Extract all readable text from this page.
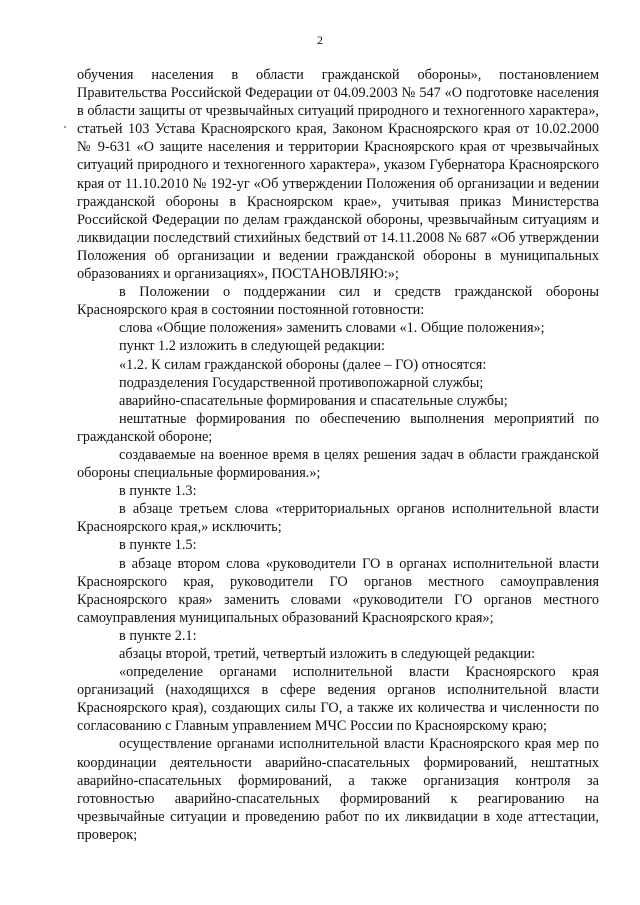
2

обучения населения в области гражданской обороны», постановлением Правительства Российской Федерации от 04.09.2003 № 547 «О подготовке населения в области защиты от чрезвычайных ситуаций природного и техногенного характера», статьей 103 Устава Красноярского края, Законом Красноярского края от 10.02.2000 № 9-631 «О защите населения и территории Красноярского края от чрезвычайных ситуаций природного и техногенного характера», указом Губернатора Красноярского края от 11.10.2010 № 192-уг «Об утверждении Положения об организации и ведении гражданской обороны в Красноярском крае», учитывая приказ Министерства Российской Федерации по делам гражданской обороны, чрезвычайным ситуациям и ликвидации последствий стихийных бедствий от 14.11.2008 № 687 «Об утверждении Положения об организации и ведении гражданской обороны в муниципальных образованиях и организациях», ПОСТАНОВЛЯЮ:»;

в Положении о поддержании сил и средств гражданской обороны Красноярского края в состоянии постоянной готовности:

слова «Общие положения» заменить словами «1. Общие положения»;

пункт 1.2 изложить в следующей редакции:

«1.2. К силам гражданской обороны (далее – ГО) относятся:

подразделения Государственной противопожарной службы;

аварийно-спасательные формирования и спасательные службы;

нештатные формирования по обеспечению выполнения мероприятий по гражданской обороне;

создаваемые на военное время в целях решения задач в области гражданской обороны специальные формирования.»;

в пункте 1.3:

в абзаце третьем слова «территориальных органов исполнительной власти Красноярского края,» исключить;

в пункте 1.5:

в абзаце втором слова «руководители ГО в органах исполнительной власти Красноярского края, руководители ГО органов местного самоуправления Красноярского края» заменить словами «руководители ГО органов местного самоуправления муниципальных образований Красноярского края»;

в пункте 2.1:

абзацы второй, третий, четвертый изложить в следующей редакции:

«определение органами исполнительной власти Красноярского края организаций (находящихся в сфере ведения органов исполнительной власти Красноярского края), создающих силы ГО, а также их количества и численности по согласованию с Главным управлением МЧС России по Красноярскому краю;

осуществление органами исполнительной власти Красноярского края мер по координации деятельности аварийно-спасательных формирований, нештатных аварийно-спасательных формирований, а также организация контроля за готовностью аварийно-спасательных формирований к реагированию на чрезвычайные ситуации и проведению работ по их ликвидации в ходе аттестации, проверок;
